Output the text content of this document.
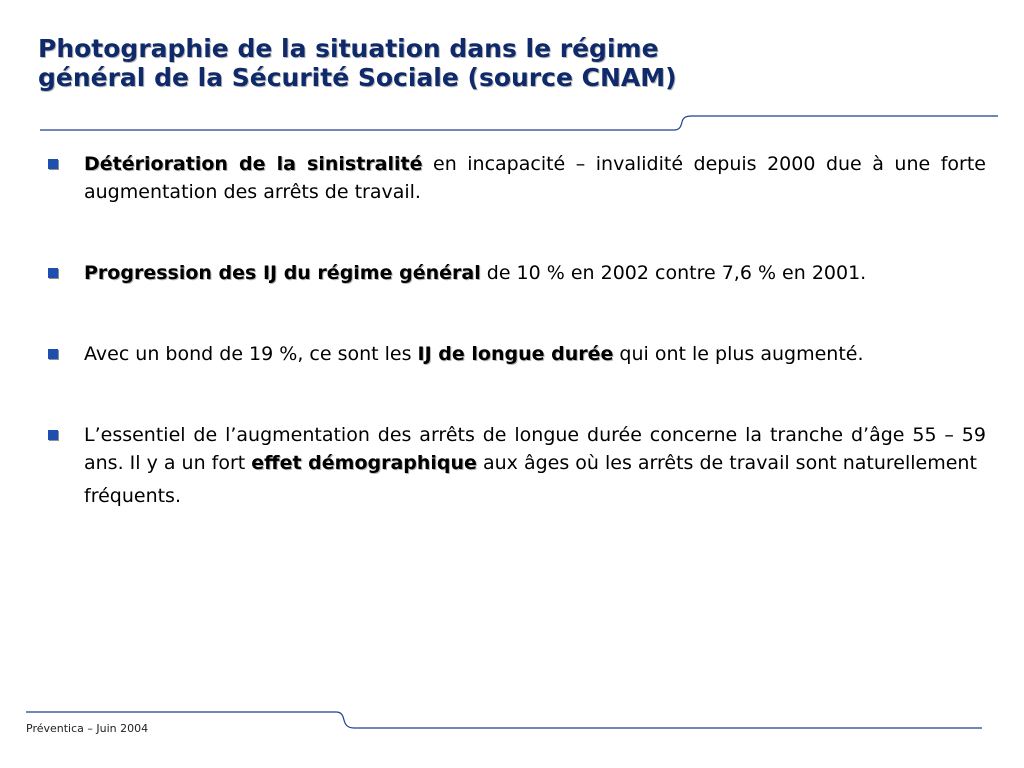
Photographie de la situation dans le régime
général de la Sécurité Sociale (source CNAM)
Détérioration de la sinistralité en incapacité – invalidité depuis 2000 due à une forte augmentation des arrêts de travail.
Progression des IJ du régime général de 10 % en 2002 contre 7,6 % en 2001.
Avec un bond de 19 %, ce sont les IJ de longue durée qui ont le plus augmenté.
L’essentiel de l’augmentation des arrêts de longue durée concerne la tranche d’âge 55 – 59 ans. Il y a un fort effet démographique aux âges où les arrêts de travail sont naturellement
fréquents.
Préventica – Juin 2004
